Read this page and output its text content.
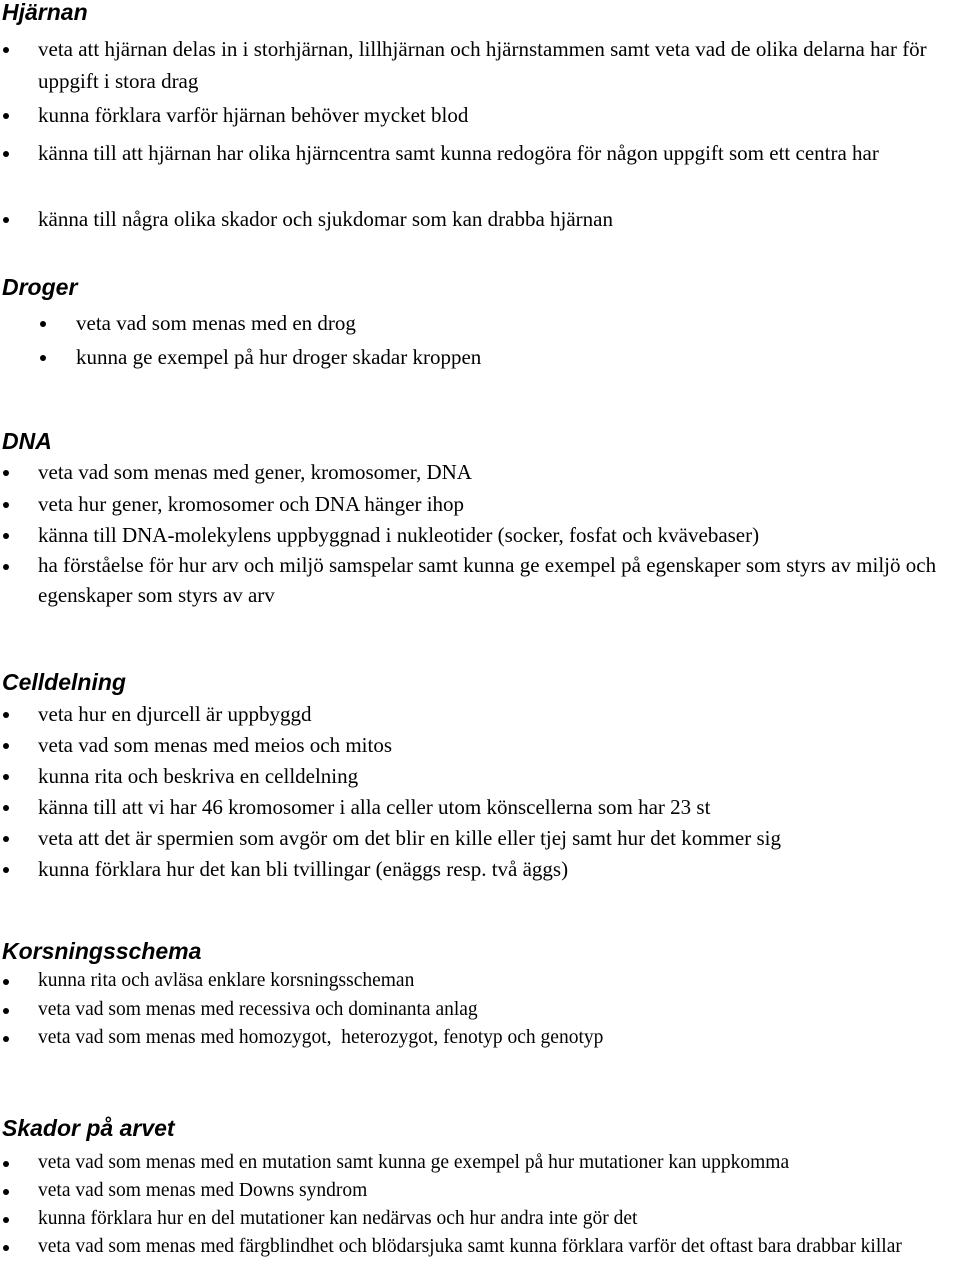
Hjärnan
veta att hjärnan delas in i storhjärnan, lillhjärnan och hjärnstammen samt veta vad de olika delarna har för uppgift i stora drag
kunna förklara varför hjärnan behöver mycket blod
känna till att hjärnan har olika hjärncentra samt kunna redogöra för någon uppgift som ett centra har
känna till några olika skador och sjukdomar som kan drabba hjärnan
Droger
veta vad som menas med en drog
kunna ge exempel på hur droger skadar kroppen
DNA
veta vad som menas med gener, kromosomer, DNA
veta hur gener, kromosomer och DNA hänger ihop
känna till DNA-molekylens uppbyggnad i nukleotider (socker, fosfat och kvävebaser)
ha förståelse för hur arv och miljö samspelar samt kunna ge exempel på egenskaper som styrs av miljö och egenskaper som styrs av arv
Celldelning
veta hur en djurcell är uppbyggd
veta vad som menas med meios och mitos
kunna rita och beskriva en celldelning
känna till att vi har 46 kromosomer i alla celler utom könscellerna som har 23 st
veta att det är spermien som avgör om det blir en kille eller tjej samt hur det kommer sig
kunna förklara hur det kan bli tvillingar (enäggs resp. två äggs)
Korsningsschema
kunna rita och avläsa enklare korsningsscheman
veta vad som menas med recessiva och dominanta anlag
veta vad som menas med homozygot,  heterozygot, fenotyp och genotyp
Skador på arvet
veta vad som menas med en mutation samt kunna ge exempel på hur mutationer kan uppkomma
veta vad som menas med Downs syndrom
kunna förklara hur en del mutationer kan nedärvas och hur andra inte gör det
veta vad som menas med färgblindhet och blödarsjuka samt kunna förklara varför det oftast bara drabbar killar
